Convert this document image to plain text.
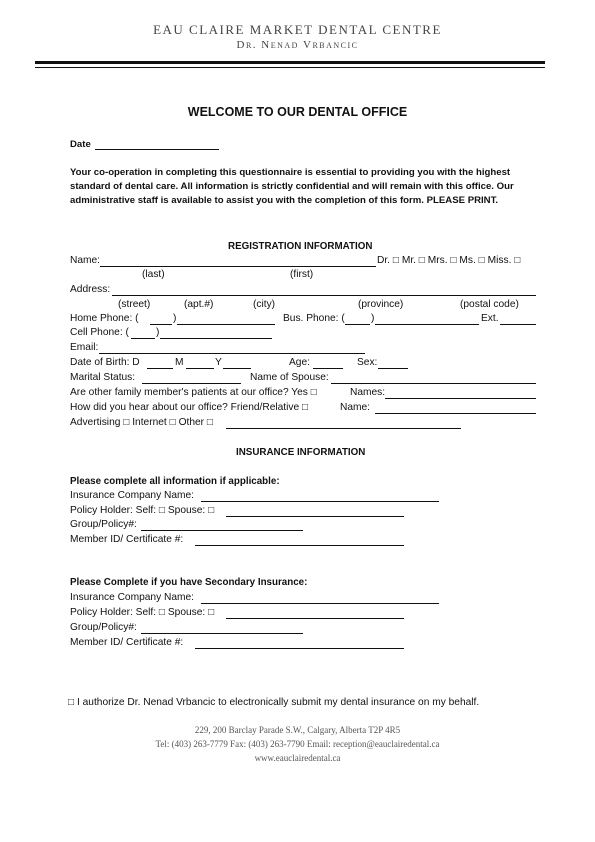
EAU CLAIRE MARKET DENTAL CENTRE
Dr. Nenad Vrbancic
WELCOME TO OUR DENTAL OFFICE
Date
Your co-operation in completing this questionnaire is essential to providing you with the highest standard of dental care. All information is strictly confidential and will remain with this office. Our administrative staff is available to assist you with the completion of this form. PLEASE PRINT.
REGISTRATION INFORMATION
Name:	Dr. □ Mr. □ Mrs. □ Ms. □ Miss. □
(last)	(first)
Address:
(street)	(apt.#)	(city)	(province)	(postal code)
Home Phone: (	)	Bus. Phone: (	)	Ext.
Cell Phone: (	)
Email:
Date of Birth: D	M	Y	Age:	Sex:
Marital Status:	Name of Spouse:
Are other family member's patients at our office? Yes □	Names:
How did you hear about our office? Friend/Relative □	Name:
Advertising □ Internet □ Other □
INSURANCE INFORMATION
Please complete all information if applicable:
Insurance Company Name:
Policy Holder: Self: □ Spouse: □
Group/Policy#:
Member ID/ Certificate #:
Please Complete if you have Secondary Insurance:
Insurance Company Name:
Policy Holder: Self: □ Spouse: □
Group/Policy#:
Member ID/ Certificate #:
□ I authorize Dr. Nenad Vrbancic to electronically submit my dental insurance on my behalf.
229, 200 Barclay Parade S.W., Calgary, Alberta T2P 4R5
Tel: (403) 263-7779 Fax: (403) 263-7790 Email: reception@eauclairedental.ca
www.eauclairedental.ca
